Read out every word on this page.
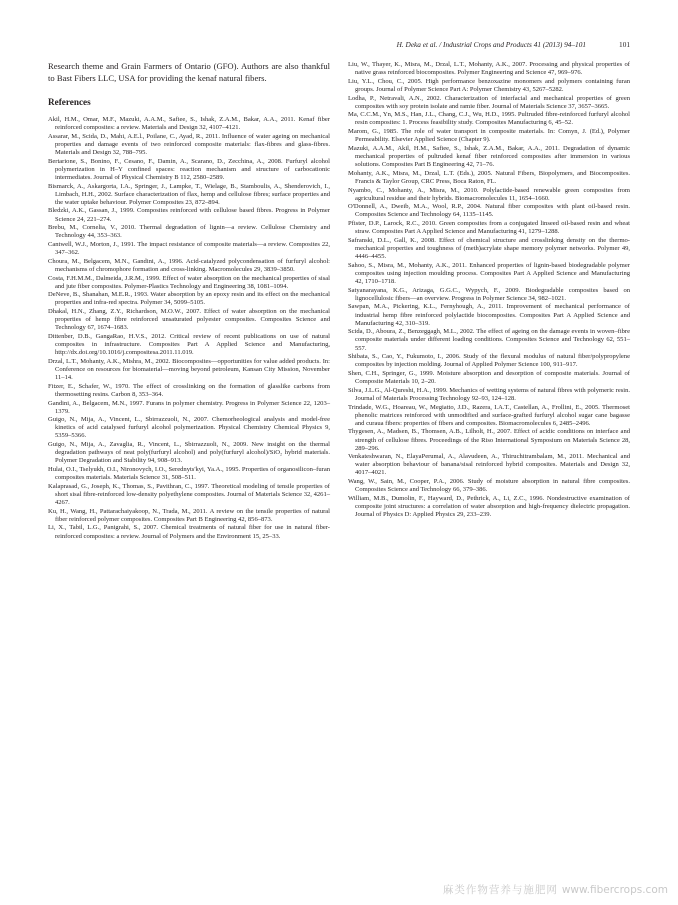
H. Deka et al. / Industrial Crops and Products 41 (2013) 94–101	101

Research theme and Grain Farmers of Ontario (GFO). Authors are also thankful to Bast Fibers LLC, USA for providing the kenaf natural fibers.

References
Akil, H.M., Omar, M.F., Mazuki, A.A.M., Safiee, S., Ishak, Z.A.M., Bakar, A.A., 2011. Kenaf fiber reinforced composites: a review. Materials and Design 32, 4107–4121.
Assarar, M., Scida, D., Mahi, A.E.l., Poilane, C., Ayad, R., 2011. Influence of water ageing on mechanical properties and damage events of two reinforced composite materials: flax-fibres and glass-fibres. Materials and Design 32, 788–795.
Bertarione, S., Bonino, F., Cesano, F., Damin, A., Scarano, D., Zecchina, A., 2008. Furfuryl alcohol polymerization in H–Y confined spaces: reaction mechanism and structure of carbocationic intermediates. Journal of Physical Chemistry B 112, 2580–2589.
Bismarck, A., Askargorta, I.A., Springer, J., Lampke, T., Wielage, B., Stamboulis, A., Shenderovich, I., Limbach, H.H., 2002. Surface characterization of flax, hemp and cellulose fibres; surface properties and the water uptake behaviour. Polymer Composites 23, 872–894.
Bledzki, A.K., Gassan, J., 1999. Composites reinforced with cellulose based fibres. Progress in Polymer Science 24, 221–274.
Brebu, M., Cornelia, V., 2010. Thermal degradation of lignin—a review. Cellulose Chemistry and Technology 44, 353–363.
Cantwell, W.J., Morton, J., 1991. The impact resistance of composite materials—a review. Composites 22, 347–362.
Choura, M., Belgacem, M.N., Gandini, A., 1996. Acid-catalyzed polycondensation of furfuryl alcohol: mechanisms of chromophore formation and cross-linking. Macromolecules 29, 3839–3850.
Costa, F.H.M.M., Dalmeida, J.R.M., 1999. Effect of water absorption on the mechanical properties of sisal and jute fiber composites. Polymer-Plastics Technology and Engineering 38, 1081–1094.
DeNeve, B., Shanahan, M.E.R., 1993. Water absorption by an epoxy resin and its effect on the mechanical properties and infra-red spectra. Polymer 34, 5099–5105.
Dhakal, H.N., Zhang, Z.Y., Richardson, M.O.W., 2007. Effect of water absorption on the mechanical properties of hemp fibre reinforced unsaturated polyester composites. Composites Science and Technology 67, 1674–1683.
Dittenber, D.B., GangaRao, H.V.S., 2012. Critical review of recent publications on use of natural composites in infrastructure. Composites Part A Applied Science and Manufacturing, http://dx.doi.org/10.1016/j.compositesa.2011.11.019.
Drzal, L.T., Mohanty, A.K., Mishra, M., 2002. Biocomposites—opportunities for value added products. In: Conference on resources for biomaterial—moving beyond petroleum, Kansan City Mission, November 11–14.
Fitzer, E., Schafer, W., 1970. The effect of crosslinking on the formation of glasslike carbons from thermosetting resins. Carbon 8, 353–364.
Gandini, A., Belgacem, M.N., 1997. Furans in polymer chemistry. Progress in Polymer Science 22, 1203–1379.
Guigo, N., Mija, A., Vincent, L., Sbirrazzuoli, N., 2007. Chemorheological analysis and model-free kinetics of acid catalysed furfuryl alcohol polymerization. Physical Chemistry Chemical Physics 9, 5359–5366.
Guigo, N., Mija, A., Zavaglia, R., Vincent, L., Sbirrazzuoli, N., 2009. New insight on the thermal degradation pathways of neat poly(furfuryl alcohol) and poly(furfuryl alcohol)/SiO₂ hybrid materials. Polymer Degradation and Stability 94, 908–913.
Hulai, O.I., Tselyukh, O.I., Nironovych, I.O., Serednyts'kyi, Ya.A., 1995. Properties of organosilicon–furan composites materials. Materials Science 31, 508–511.
Kalaprasad, G., Joseph, K., Thomas, S., Pavithran, C., 1997. Theoretical modeling of tensile properties of short sisal fibre-reinforced low-density polyethylene composites. Journal of Materials Science 32, 4261–4267.
Ku, H., Wang, H., Pattarachaiyakoop, N., Trada, M., 2011. A review on the tensile properties of natural fiber reinforced polymer composites. Composites Part B Engineering 42, 856–873.
Li, X., Tabil, L.G., Panigrahi, S., 2007. Chemical treatments of natural fiber for use in natural fiber-reinforced composites: a review. Journal of Polymers and the Environment 15, 25–33.
Liu, W., Thayer, K., Misra, M., Drzal, L.T., Mohanty, A.K., 2007. Processing and physical properties of native grass reinforced biocomposites. Polymer Engineering and Science 47, 969–976.
Liu, Y.L., Chou, C., 2005. High performance benzoxazine monomers and polymers containing furan groups. Journal of Polymer Science Part A: Polymer Chemistry 43, 5267–5282.
Lodha, P., Netravali, A.N., 2002. Characterization of interfacial and mechanical properties of green composites with soy protein isolate and ramie fiber. Journal of Materials Science 37, 3657–3665.
Ma, C.C.M., Yn, M.S., Han, J.L., Chang, C.J., Wu, H.D., 1995. Pultruded fibre-reinforced furfuryl alcohol resin composites: 1. Process feasibility study. Composites Manufacturing 6, 45–52.
Marom, G., 1985. The role of water transport in composite materials. In: Comyn, J. (Ed.), Polymer Permeability. Elsevier Applied Science (Chapter 9).
Mazuki, A.A.M., Akil, H.M., Safiee, S., Ishak, Z.A.M., Bakar, A.A., 2011. Degradation of dynamic mechanical properties of pultruded kenaf fiber reinforced composites after immersion in various solutions. Composites Part B Engineering 42, 71–76.
Mohanty, A.K., Misra, M., Drzal, L.T. (Eds.), 2005. Natural Fibers, Biopolymers, and Biocomposites. Francis & Taylor Group, CRC Press, Boca Raton, FL.
Nyambo, C., Mohanty, A., Misra, M., 2010. Polylactide-based renewable green composites from agricultural residue and their hybrids. Biomacromolecules 11, 1654–1660.
O'Donnell, A., Dweib, M.A., Wool, R.P., 2004. Natural fiber composites with plant oil-based resin. Composites Science and Technology 64, 1135–1145.
Pfister, D.P., Larock, R.C., 2010. Green composites from a conjugated linseed oil-based resin and wheat straw. Composites Part A Applied Science and Manufacturing 41, 1279–1288.
Safranski, D.L., Gall, K., 2008. Effect of chemical structure and crosslinking density on the thermo-mechanical properties and toughness of (meth)acrylate shape memory polymer networks. Polymer 49, 4446–4455.
Sahoo, S., Misra, M., Mohanty, A.K., 2011. Enhanced properties of lignin-based biodegradable polymer composites using injection moulding process. Composites Part A Applied Science and Manufacturing 42, 1710–1718.
Satyanarayana, K.G., Arizaga, G.G.C., Wypych, F., 2009. Biodegradable composites based on lignocellulosic fibers—an overview. Progress in Polymer Science 34, 982–1021.
Sawpan, M.A., Pickering, K.L., Fernyhough, A., 2011. Improvement of mechanical performance of industrial hemp fibre reinforced polylactide biocomposites. Composites Part A Applied Science and Manufacturing 42, 310–319.
Scida, D., Aboura, Z., Benzeggagh, M.L., 2002. The effect of ageing on the damage events in woven–fibre composite materials under different loading conditions. Composites Science and Technology 62, 551–557.
Shibata, S., Cao, Y., Fukumoto, I., 2006. Study of the flexural modulus of natural fiber/polypropylene composites by injection molding. Journal of Applied Polymer Science 100, 911–917.
Shen, C.H., Springer, G., 1999. Moisture absorption and desorption of composite materials. Journal of Composite Materials 10, 2–20.
Silva, J.L.G., Al-Qureshi, H.A., 1999. Mechanics of wetting systems of natural fibres with polymeric resin. Journal of Materials Processing Technology 92–93, 124–128.
Trindade, W.G., Hoareau, W., Megiatto, J.D., Razera, I.A.T., Castellan, A., Frollini, E., 2005. Thermoset phenolic matrices reinforced with unmodified and surface-grafted furfuryl alcohol sugar cane bagasse and curaua fibers: properties of fibers and composites. Biomacromolecules 6, 2485–2496.
Thygesen, A., Madsen, B., Thomsen, A.B., Lilholt, H., 2007. Effect of acidic conditions on interface and strength of cellulose fibres. Proceedings of the Riso International Symposium on Materials Science 28, 289–296.
Venkateshwaran, N., ElayaPerumal, A., Alavudeen, A., Thiruchitrambalam, M., 2011. Mechanical and water absorption behaviour of banana/sisal reinforced hybrid composites. Materials and Design 32, 4017–4021.
Wang, W., Sain, M., Cooper, P.A., 2006. Study of moisture absorption in natural fibre composites. Composites Science and Technology 66, 379–386.
William, M.B., Dumolin, F., Hayward, D., Pethrick, A., Li, Z.C., 1996. Nondestructive examination of composite joint structures: a correlation of water absorption and high-frequency dielectric propagation. Journal of Physics D: Applied Physics 29, 233–239.
麻类作物营养与施肥网 www.fibercrops.com
